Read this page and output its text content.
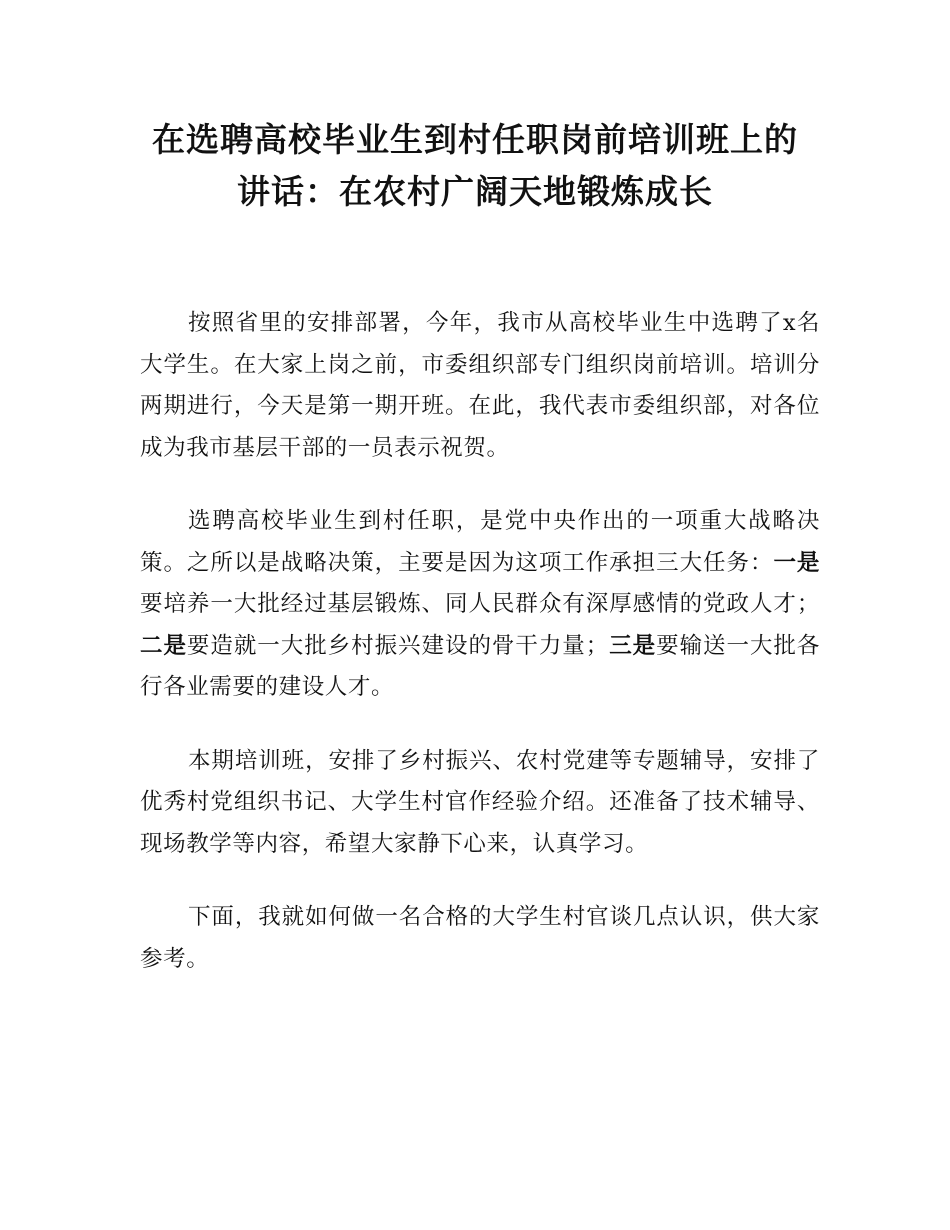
在选聘高校毕业生到村任职岗前培训班上的
讲话：在农村广阔天地锻炼成长

按照省里的安排部署，今年，我市从高校毕业生中选聘了x名大学生。在大家上岗之前，市委组织部专门组织岗前培训。培训分两期进行，今天是第一期开班。在此，我代表市委组织部，对各位成为我市基层干部的一员表示祝贺。

选聘高校毕业生到村任职，是党中央作出的一项重大战略决策。之所以是战略决策，主要是因为这项工作承担三大任务：一是要培养一大批经过基层锻炼、同人民群众有深厚感情的党政人才；二是要造就一大批乡村振兴建设的骨干力量；三是要输送一大批各行各业需要的建设人才。

本期培训班，安排了乡村振兴、农村党建等专题辅导，安排了优秀村党组织书记、大学生村官作经验介绍。还准备了技术辅导、现场教学等内容，希望大家静下心来，认真学习。

下面，我就如何做一名合格的大学生村官谈几点认识，供大家参考。
